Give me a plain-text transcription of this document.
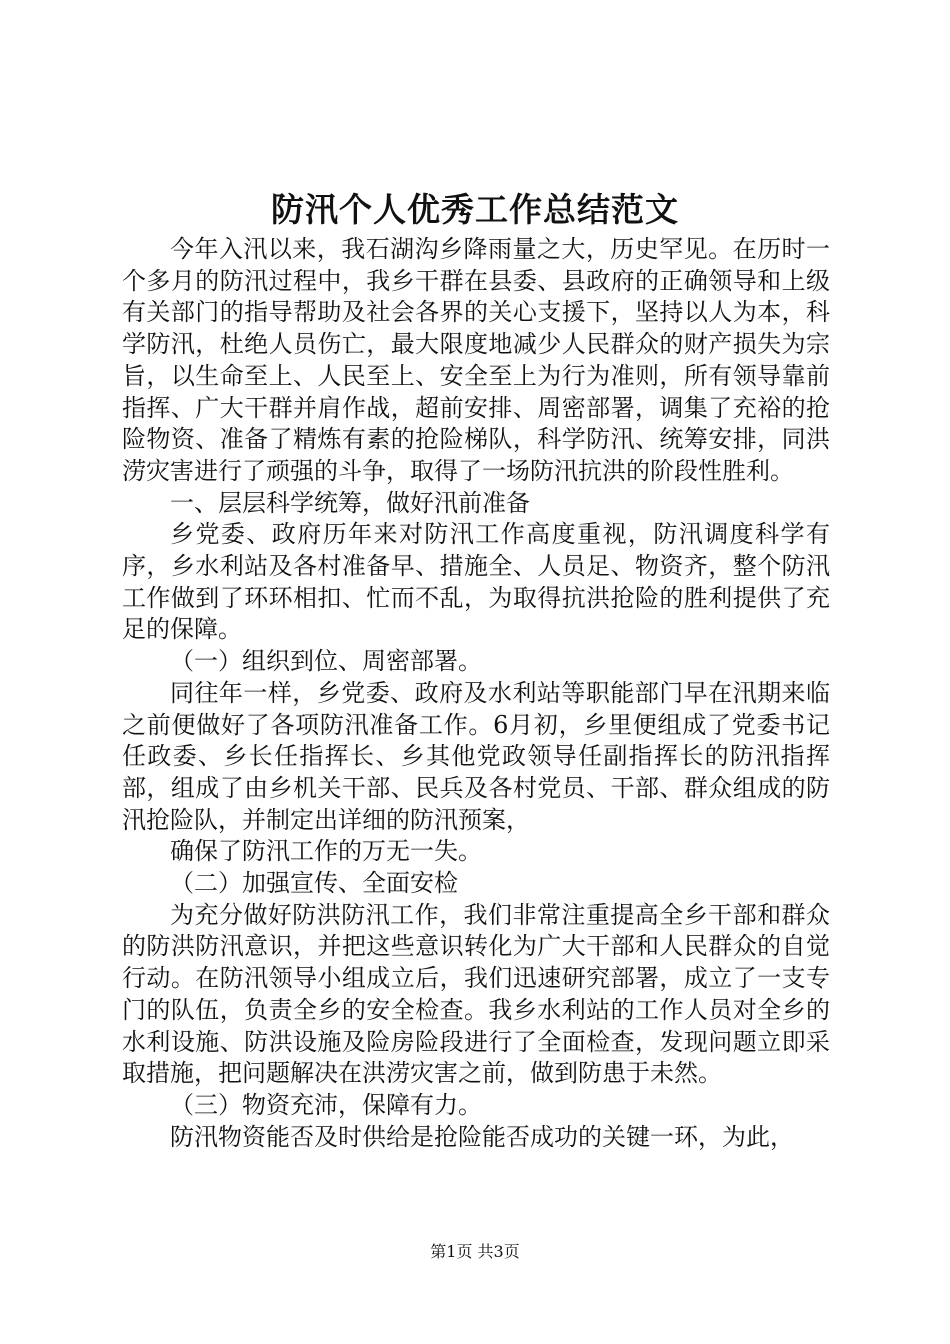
防汛个人优秀工作总结范文

今年入汛以来，我石湖沟乡降雨量之大，历史罕见。在历时一个多月的防汛过程中，我乡干群在县委、县政府的正确领导和上级有关部门的指导帮助及社会各界的关心支援下，坚持以人为本，科学防汛，杜绝人员伤亡，最大限度地减少人民群众的财产损失为宗旨，以生命至上、人民至上、安全至上为行为准则，所有领导靠前指挥、广大干群并肩作战，超前安排、周密部署，调集了充裕的抢险物资、准备了精炼有素的抢险梯队，科学防汛、统筹安排，同洪涝灾害进行了顽强的斗争，取得了一场防汛抗洪的阶段性胜利。

一、层层科学统筹，做好汛前准备

乡党委、政府历年来对防汛工作高度重视，防汛调度科学有序，乡水利站及各村准备早、措施全、人员足、物资齐，整个防汛工作做到了环环相扣、忙而不乱，为取得抗洪抢险的胜利提供了充足的保障。

（一）组织到位、周密部署。

同往年一样，乡党委、政府及水利站等职能部门早在汛期来临之前便做好了各项防汛准备工作。6月初，乡里便组成了党委书记任政委、乡长任指挥长、乡其他党政领导任副指挥长的防汛指挥部，组成了由乡机关干部、民兵及各村党员、干部、群众组成的防汛抢险队，并制定出详细的防汛预案，

确保了防汛工作的万无一失。

（二）加强宣传、全面安检

为充分做好防洪防汛工作，我们非常注重提高全乡干部和群众的防洪防汛意识，并把这些意识转化为广大干部和人民群众的自觉行动。在防汛领导小组成立后，我们迅速研究部署，成立了一支专门的队伍，负责全乡的安全检查。我乡水利站的工作人员对全乡的水利设施、防洪设施及险房险段进行了全面检查，发现问题立即采取措施，把问题解决在洪涝灾害之前，做到防患于未然。

（三）物资充沛，保障有力。

防汛物资能否及时供给是抢险能否成功的关键一环，为此，

第1页 共3页
